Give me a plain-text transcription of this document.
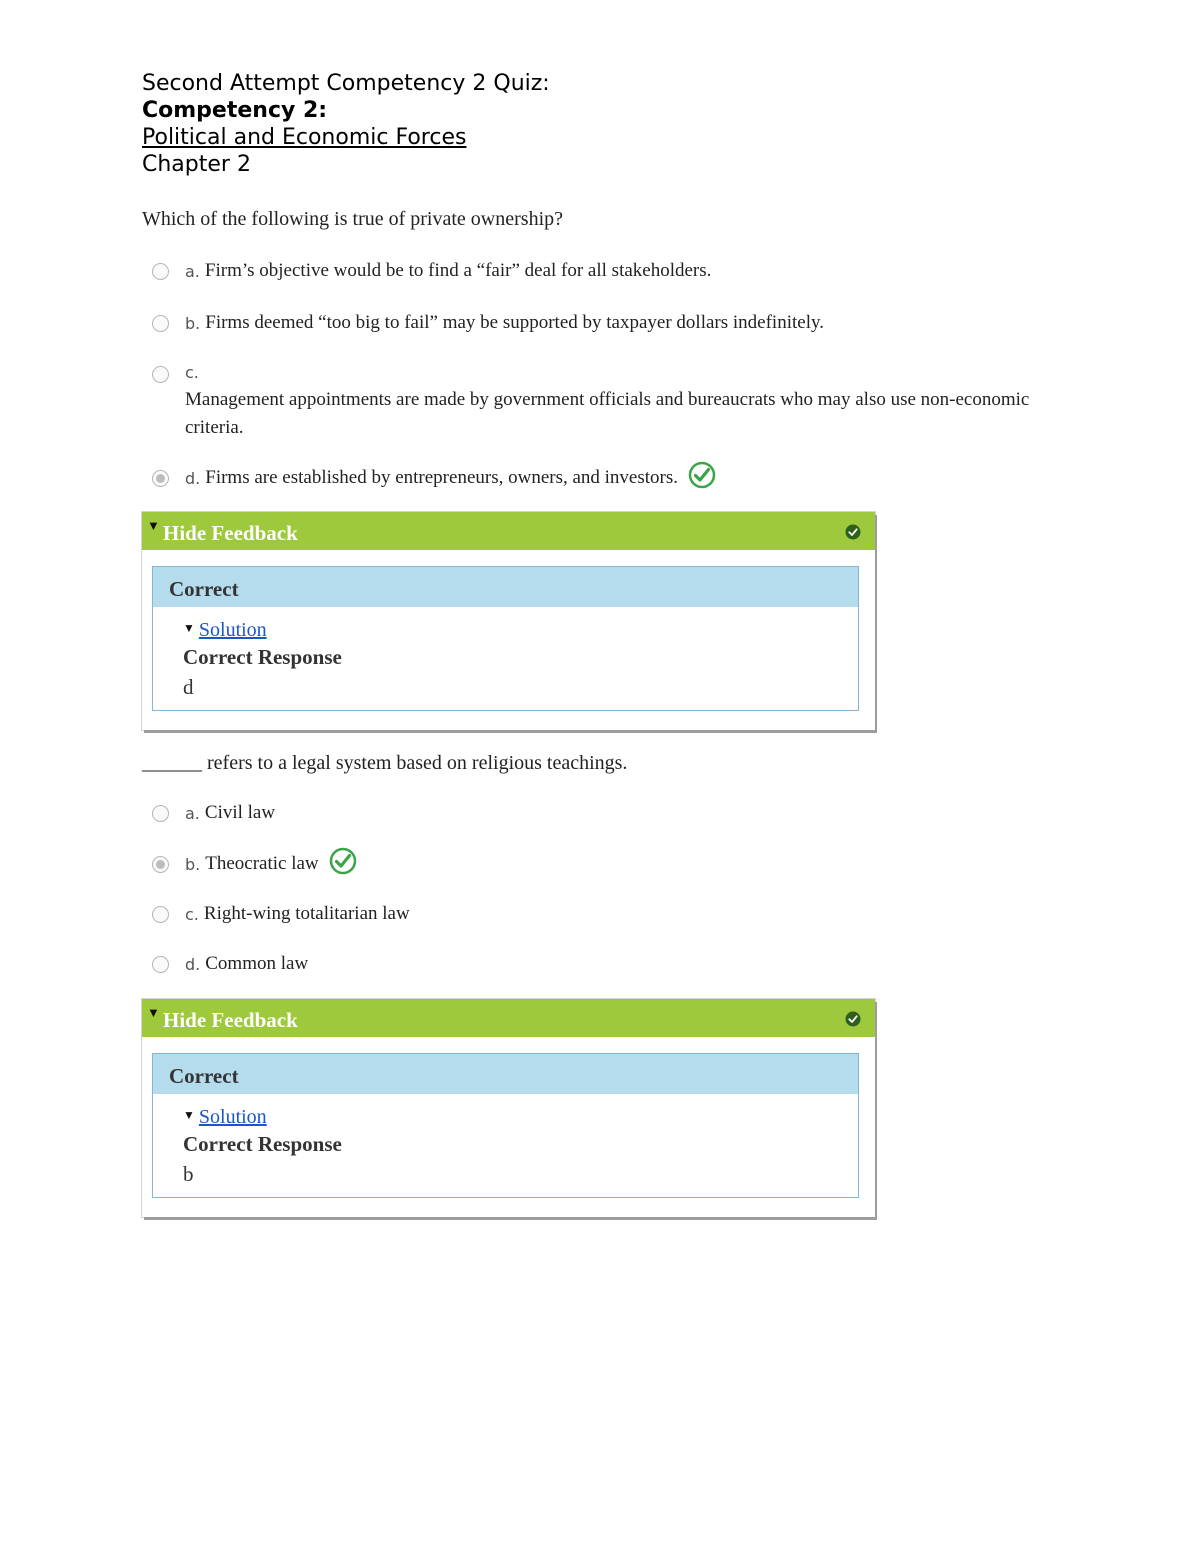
Second Attempt Competency 2 Quiz:
Competency 2:
Political and Economic Forces
Chapter 2

Which of the following is true of private ownership?

a. Firm’s objective would be to find a “fair” deal for all stakeholders.
b. Firms deemed “too big to fail” may be supported by taxpayer dollars indefinitely.
c.
Management appointments are made by government officials and bureaucrats who may also use non-economic criteria.
d. Firms are established by entrepreneurs, owners, and investors.
▼ Hide Feedback
Correct
▼ Solution
Correct Response
d

______ refers to a legal system based on religious teachings.

a. Civil law
b. Theocratic law
c. Right-wing totalitarian law
d. Common law
▼ Hide Feedback
Correct
▼ Solution
Correct Response
b
